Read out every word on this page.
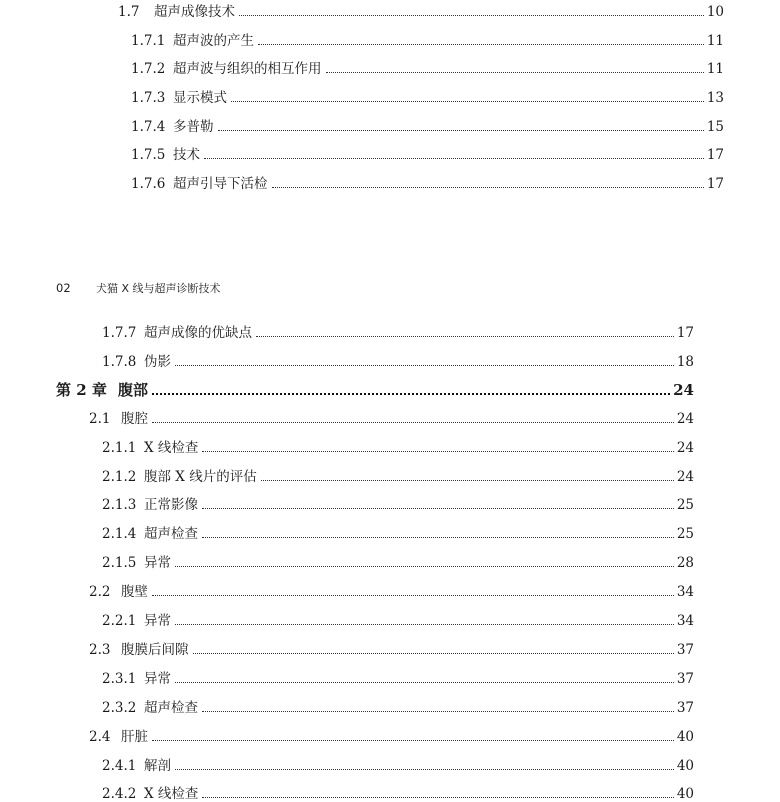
1.7	超声成像技术	10
1.7.1 超声波的产生	11
1.7.2 超声波与组织的相互作用	11
1.7.3 显示模式	13
1.7.4 多普勒	15
1.7.5 技术	17
1.7.6 超声引导下活检	17
02	犬猫 X 线与超声诊断技术
1.7.7 超声成像的优缺点	17
1.7.8 伪影	18
第 2 章 腹部	24
2.1 腹腔	24
2.1.1 X 线检查	24
2.1.2 腹部 X 线片的评估	24
2.1.3 正常影像	25
2.1.4 超声检查	25
2.1.5 异常	28
2.2 腹壁	34
2.2.1 异常	34
2.3 腹膜后间隙	37
2.3.1 异常	37
2.3.2 超声检查	37
2.4 肝脏	40
2.4.1 解剖	40
2.4.2 X 线检查	40
